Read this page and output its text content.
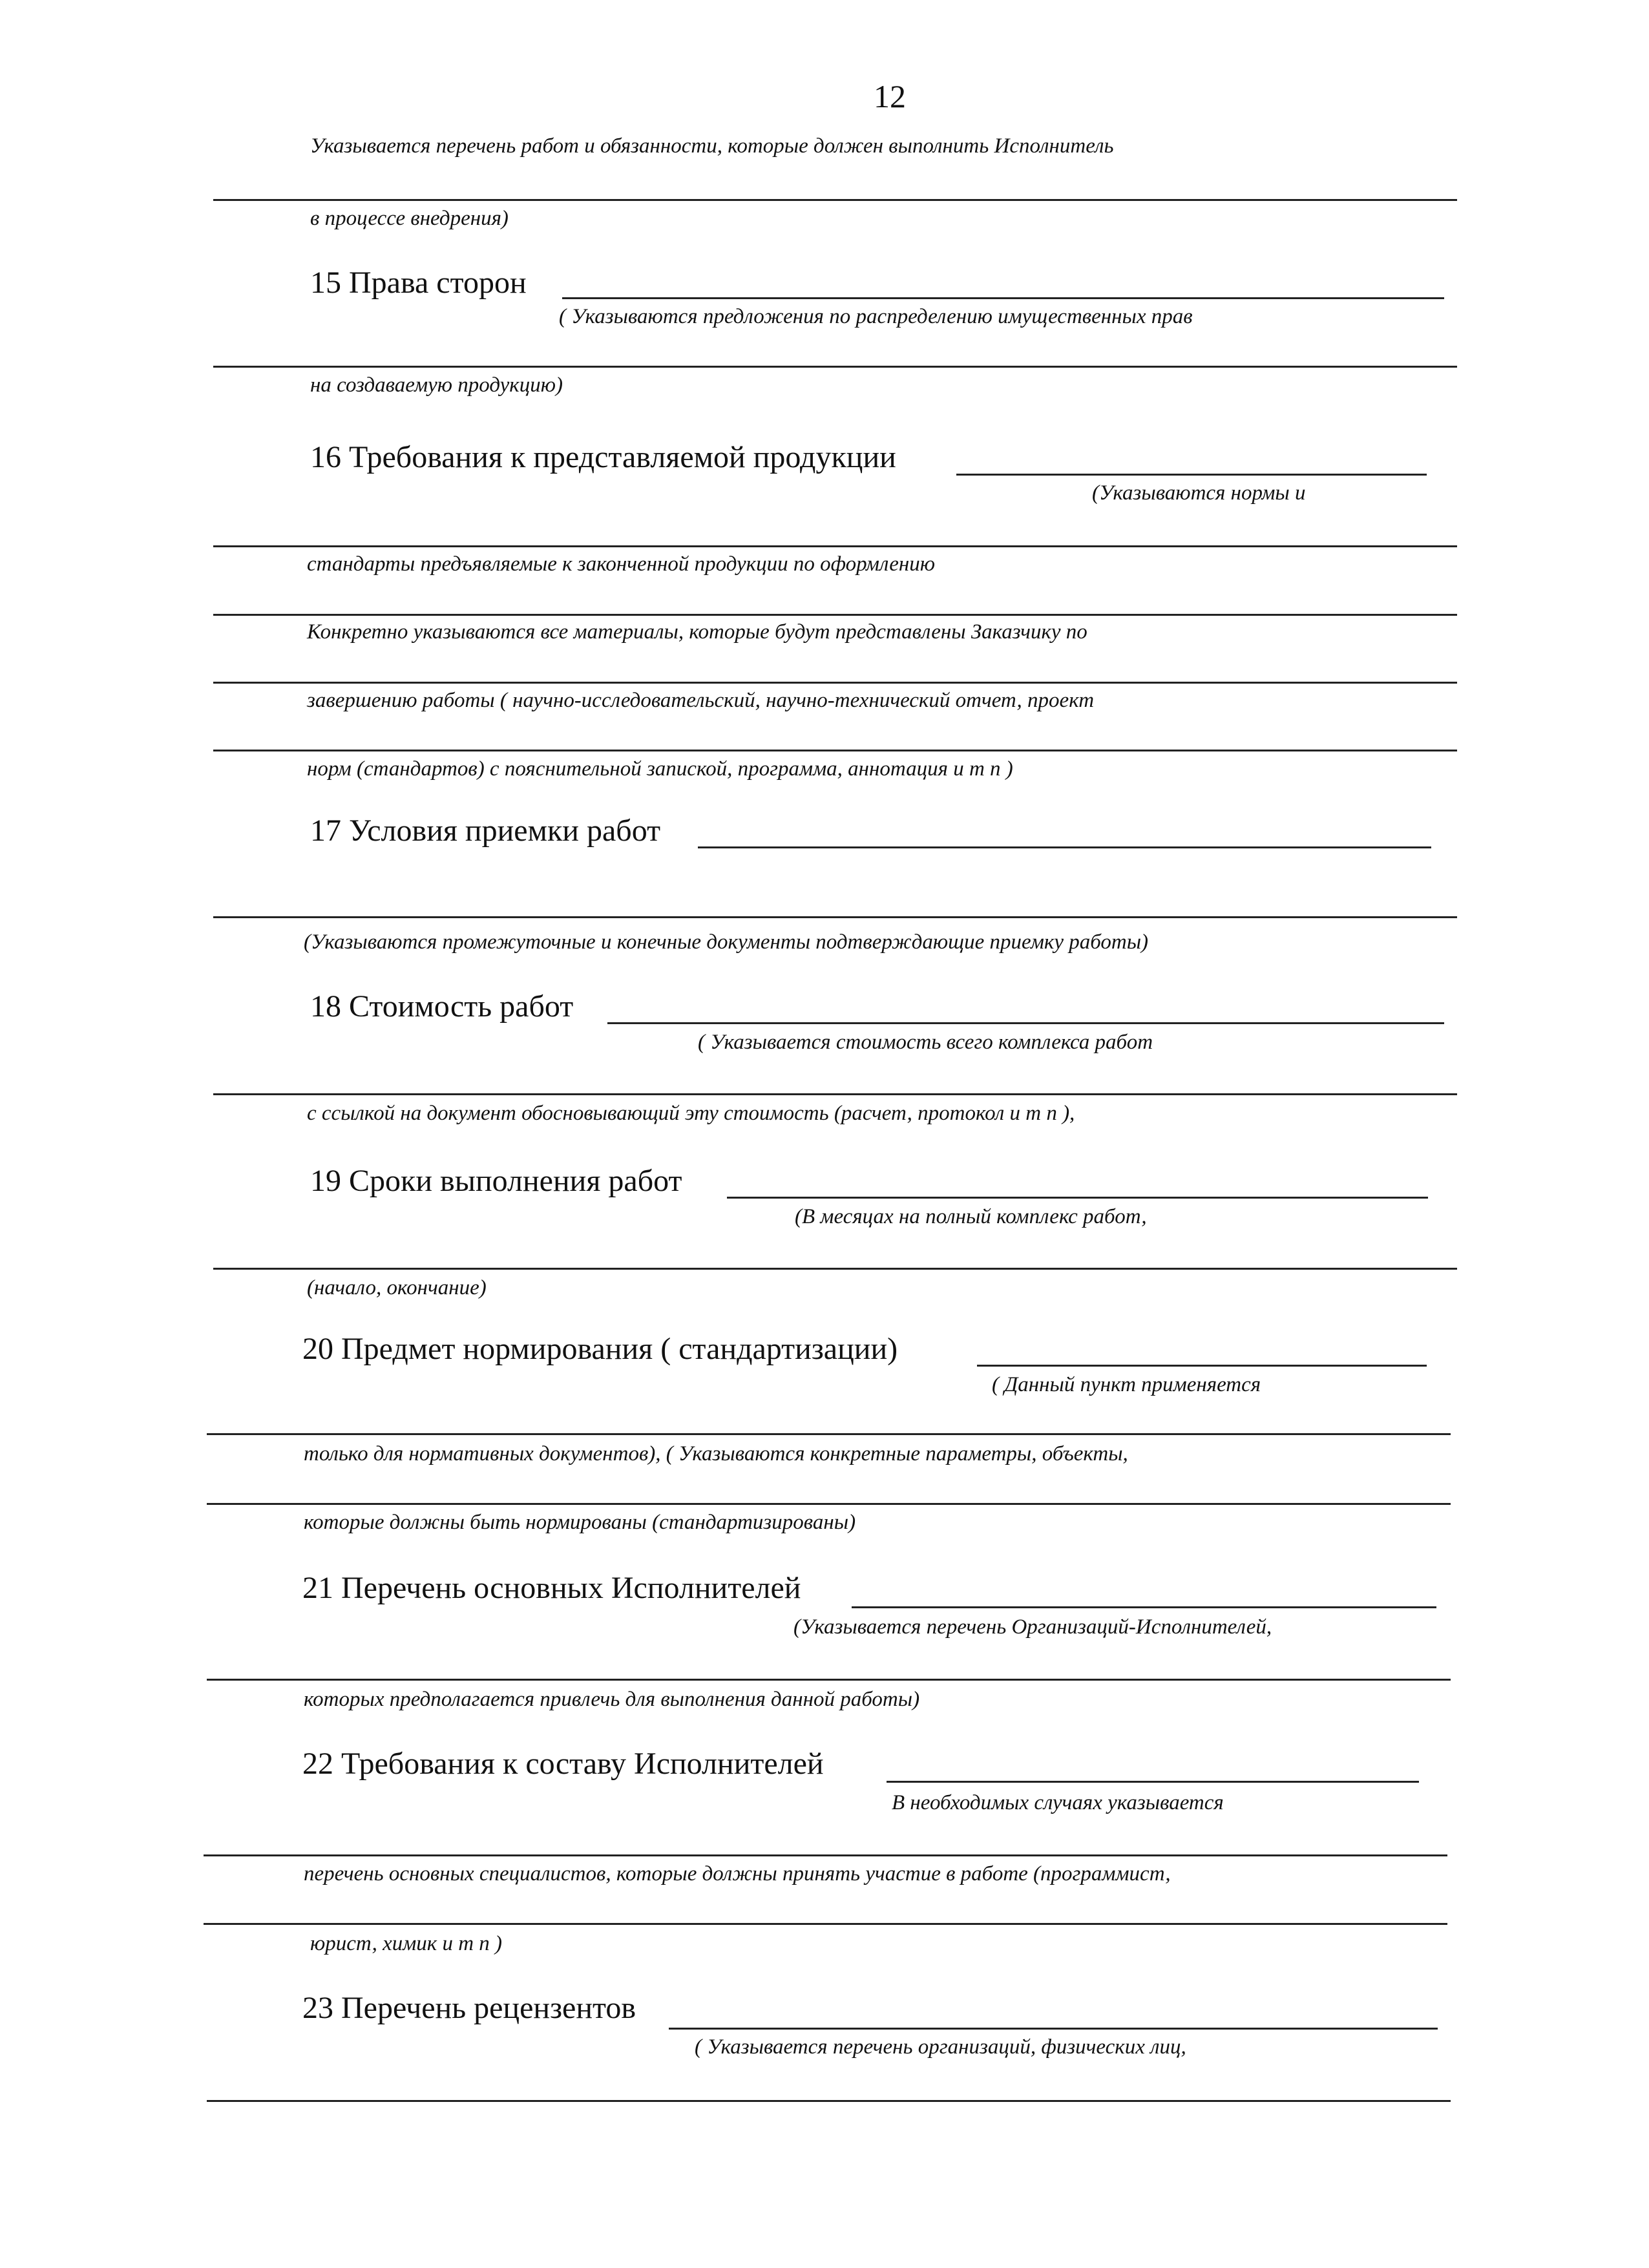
12
Указывается перечень работ и обязанности, которые должен выполнить Исполнитель
в процессе внедрения)
15 Права сторон
( Указываются предложения по распределению имущественных прав
на создаваемую продукцию)
16 Требования к представляемой продукции
(Указываются нормы и
стандарты предъявляемые к законченной продукции по оформлению
Конкретно указываются все материалы, которые будут представлены Заказчику по
завершению работы ( научно-исследовательский, научно-технический отчет, проект
норм (стандартов) с пояснительной запиской, программа, аннотация и т п )
17 Условия приемки работ
(Указываются промежуточные и конечные документы подтверждающие приемку работы)
18 Стоимость работ
( Указывается стоимость всего комплекса работ
с ссылкой на документ обосновывающий эту стоимость (расчет, протокол и т п ),
19 Сроки выполнения работ
(В месяцах на полный комплекс работ,
(начало, окончание)
20 Предмет нормирования ( стандартизации)
( Данный пункт применяется
только для нормативных документов), ( Указываются конкретные параметры, объекты,
которые должны быть нормированы (стандартизированы)
21 Перечень основных Исполнителей
(Указывается перечень Организаций-Исполнителей,
которых предполагается привлечь для выполнения данной работы)
22 Требования к составу Исполнителей
В необходимых случаях указывается
перечень основных специалистов, которые должны принять участие в работе (программист,
юрист, химик и т п )
23 Перечень рецензентов
( Указывается перечень организаций, физических лиц,
